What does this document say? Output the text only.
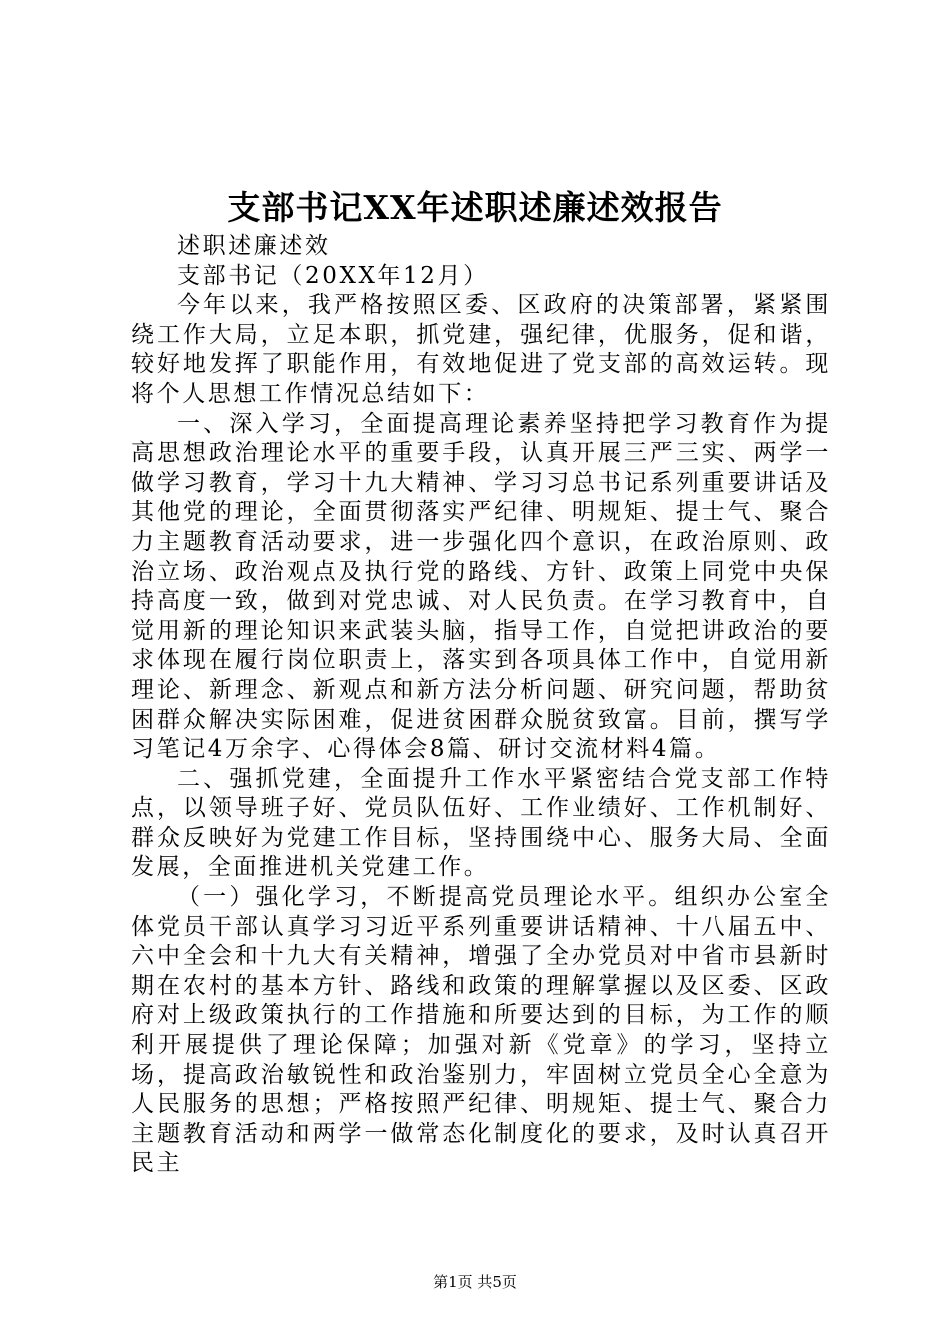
支部书记XX年述职述廉述效报告

述职述廉述效

支部书记（20XX年12月）

今年以来，我严格按照区委、区政府的决策部署，紧紧围绕工作大局，立足本职，抓党建，强纪律，优服务，促和谐，较好地发挥了职能作用，有效地促进了党支部的高效运转。现将个人思想工作情况总结如下：

一、深入学习，全面提高理论素养坚持把学习教育作为提高思想政治理论水平的重要手段，认真开展三严三实、两学一做学习教育，学习十九大精神、学习习总书记系列重要讲话及其他党的理论，全面贯彻落实严纪律、明规矩、提士气、聚合力主题教育活动要求，进一步强化四个意识，在政治原则、政治立场、政治观点及执行党的路线、方针、政策上同党中央保持高度一致，做到对党忠诚、对人民负责。在学习教育中，自觉用新的理论知识来武装头脑，指导工作，自觉把讲政治的要求体现在履行岗位职责上，落实到各项具体工作中，自觉用新理论、新理念、新观点和新方法分析问题、研究问题，帮助贫困群众解决实际困难，促进贫困群众脱贫致富。目前，撰写学习笔记4万余字、心得体会8篇、研讨交流材料4篇。

二、强抓党建，全面提升工作水平紧密结合党支部工作特点，以领导班子好、党员队伍好、工作业绩好、工作机制好、群众反映好为党建工作目标，坚持围绕中心、服务大局、全面发展，全面推进机关党建工作。

（一）强化学习，不断提高党员理论水平。组织办公室全体党员干部认真学习习近平系列重要讲话精神、十八届五中、六中全会和十九大有关精神，增强了全办党员对中省市县新时期在农村的基本方针、路线和政策的理解掌握以及区委、区政府对上级政策执行的工作措施和所要达到的目标，为工作的顺利开展提供了理论保障；加强对新《党章》的学习，坚持立场，提高政治敏锐性和政治鉴别力，牢固树立党员全心全意为人民服务的思想；严格按照严纪律、明规矩、提士气、聚合力主题教育活动和两学一做常态化制度化的要求，及时认真召开民主

第1页 共5页
